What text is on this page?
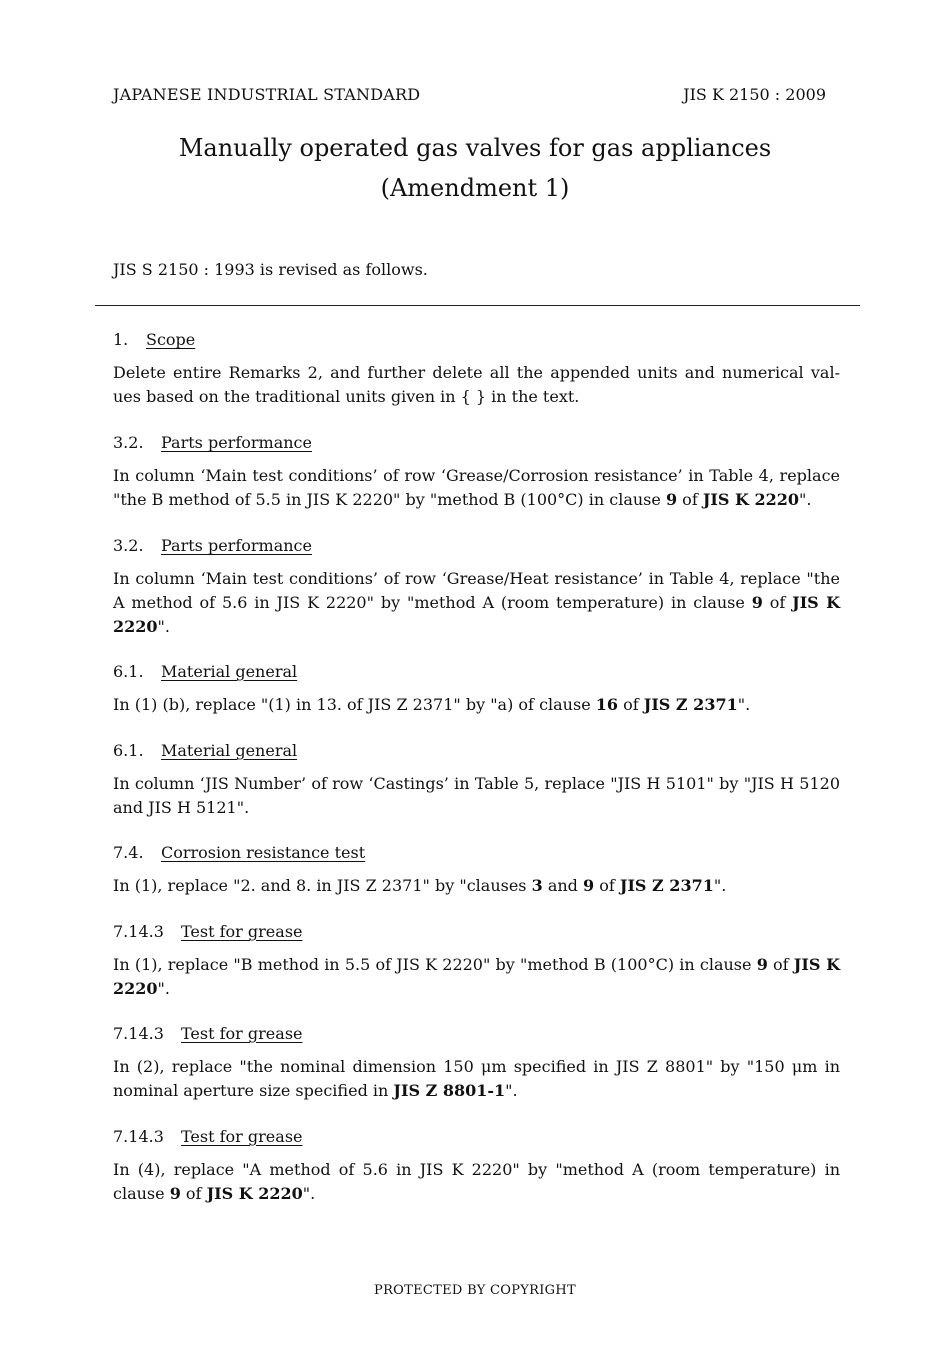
JAPANESE INDUSTRIAL STANDARD	JIS K 2150 : 2009
Manually operated gas valves for gas appliances
(Amendment 1)
JIS S 2150 : 1993 is revised as follows.
1. Scope
Delete entire Remarks 2, and further delete all the appended units and numerical val-ues based on the traditional units given in { } in the text.
3.2. Parts performance
In column ‘Main test conditions’ of row ‘Grease/Corrosion resistance’ in Table 4, replace "the B method of 5.5 in JIS K 2220" by "method B (100°C) in clause 9 of JIS K 2220".
3.2. Parts performance
In column ‘Main test conditions’ of row ‘Grease/Heat resistance’ in Table 4, replace "the A method of 5.6 in JIS K 2220" by "method A (room temperature) in clause 9 of JIS K 2220".
6.1. Material general
In (1) (b), replace "(1) in 13. of JIS Z 2371" by "a) of clause 16 of JIS Z 2371".
6.1. Material general
In column ‘JIS Number’ of row ‘Castings’ in Table 5, replace "JIS H 5101" by "JIS H 5120 and JIS H 5121".
7.4. Corrosion resistance test
In (1), replace "2. and 8. in JIS Z 2371" by "clauses 3 and 9 of JIS Z 2371".
7.14.3 Test for grease
In (1), replace "B method in 5.5 of JIS K 2220" by "method B (100°C) in clause 9 of JIS K 2220".
7.14.3 Test for grease
In (2), replace "the nominal dimension 150 μm specified in JIS Z 8801" by "150 μm in nominal aperture size specified in JIS Z 8801-1".
7.14.3 Test for grease
In (4), replace "A method of 5.6 in JIS K 2220" by "method A (room temperature) in clause 9 of JIS K 2220".
PROTECTED BY COPYRIGHT
